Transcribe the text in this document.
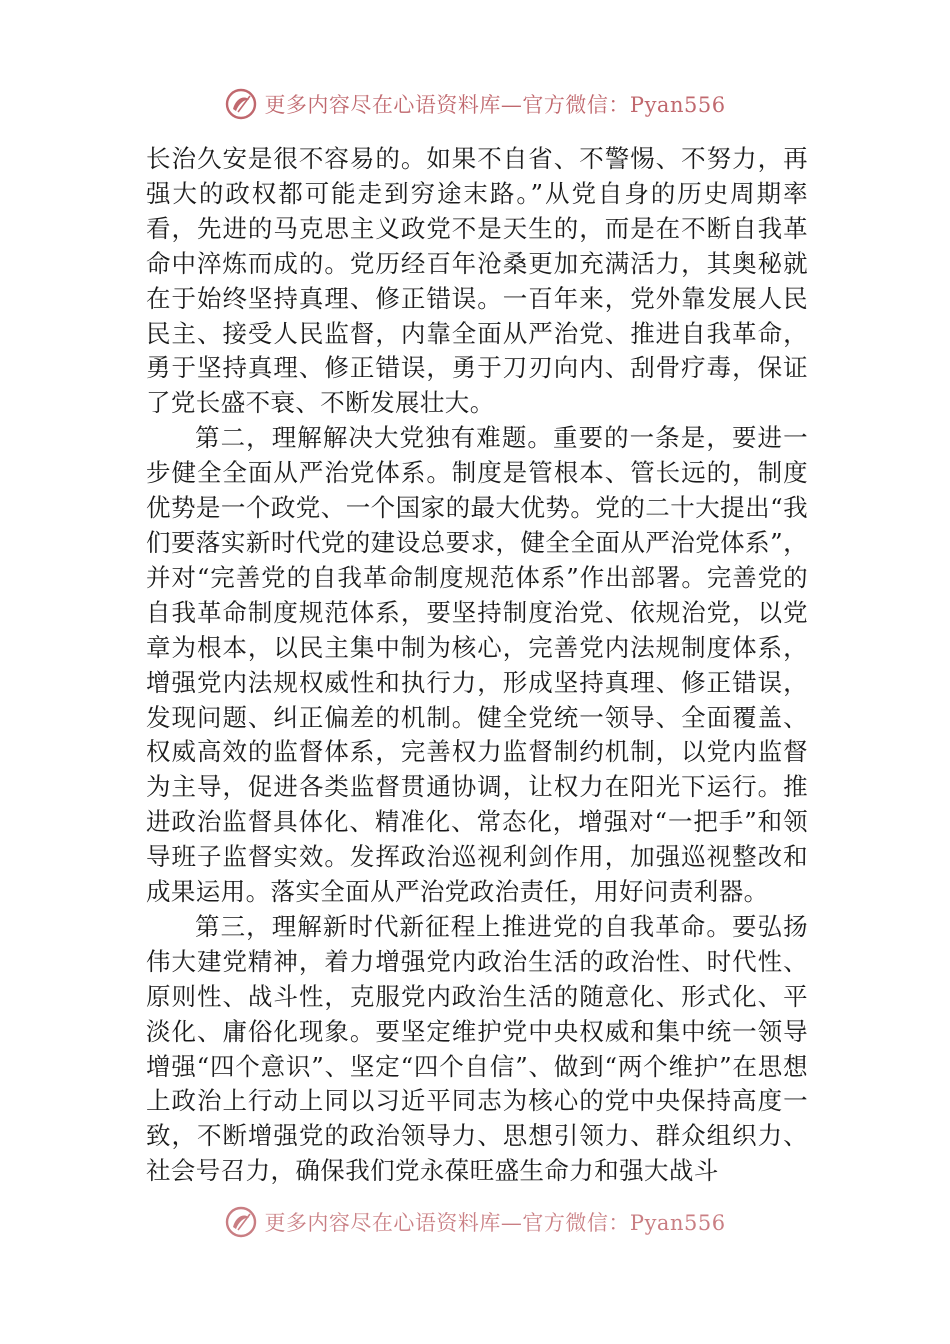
更多内容尽在心语资料库—官方微信：Pyan556

长治久安是很不容易的。如果不自省、不警惕、不努力，再强大的政权都可能走到穷途末路。”从党自身的历史周期率看，先进的马克思主义政党不是天生的，而是在不断自我革命中淬炼而成的。党历经百年沧桑更加充满活力，其奥秘就在于始终坚持真理、修正错误。一百年来，党外靠发展人民民主、接受人民监督，内靠全面从严治党、推进自我革命，勇于坚持真理、修正错误，勇于刀刃向内、刮骨疗毒，保证了党长盛不衰、不断发展壮大。

第二，理解解决大党独有难题。重要的一条是，要进一步健全全面从严治党体系。制度是管根本、管长远的，制度优势是一个政党、一个国家的最大优势。党的二十大提出“我们要落实新时代党的建设总要求，健全全面从严治党体系”，并对“完善党的自我革命制度规范体系”作出部署。完善党的自我革命制度规范体系，要坚持制度治党、依规治党，以党章为根本，以民主集中制为核心，完善党内法规制度体系，增强党内法规权威性和执行力，形成坚持真理、修正错误，发现问题、纠正偏差的机制。健全党统一领导、全面覆盖、权威高效的监督体系，完善权力监督制约机制，以党内监督为主导，促进各类监督贯通协调，让权力在阳光下运行。推进政治监督具体化、精准化、常态化，增强对“一把手”和领导班子监督实效。发挥政治巡视利剑作用，加强巡视整改和成果运用。落实全面从严治党政治责任，用好问责利器。

第三，理解新时代新征程上推进党的自我革命。要弘扬伟大建党精神，着力增强党内政治生活的政治性、时代性、原则性、战斗性，克服党内政治生活的随意化、形式化、平淡化、庸俗化现象。要坚定维护党中央权威和集中统一领导增强“四个意识”、坚定“四个自信”、做到“两个维护”在思想上政治上行动上同以习近平同志为核心的党中央保持高度一致，不断增强党的政治领导力、思想引领力、群众组织力、社会号召力，确保我们党永葆旺盛生命力和强大战斗

更多内容尽在心语资料库—官方微信：Pyan556
